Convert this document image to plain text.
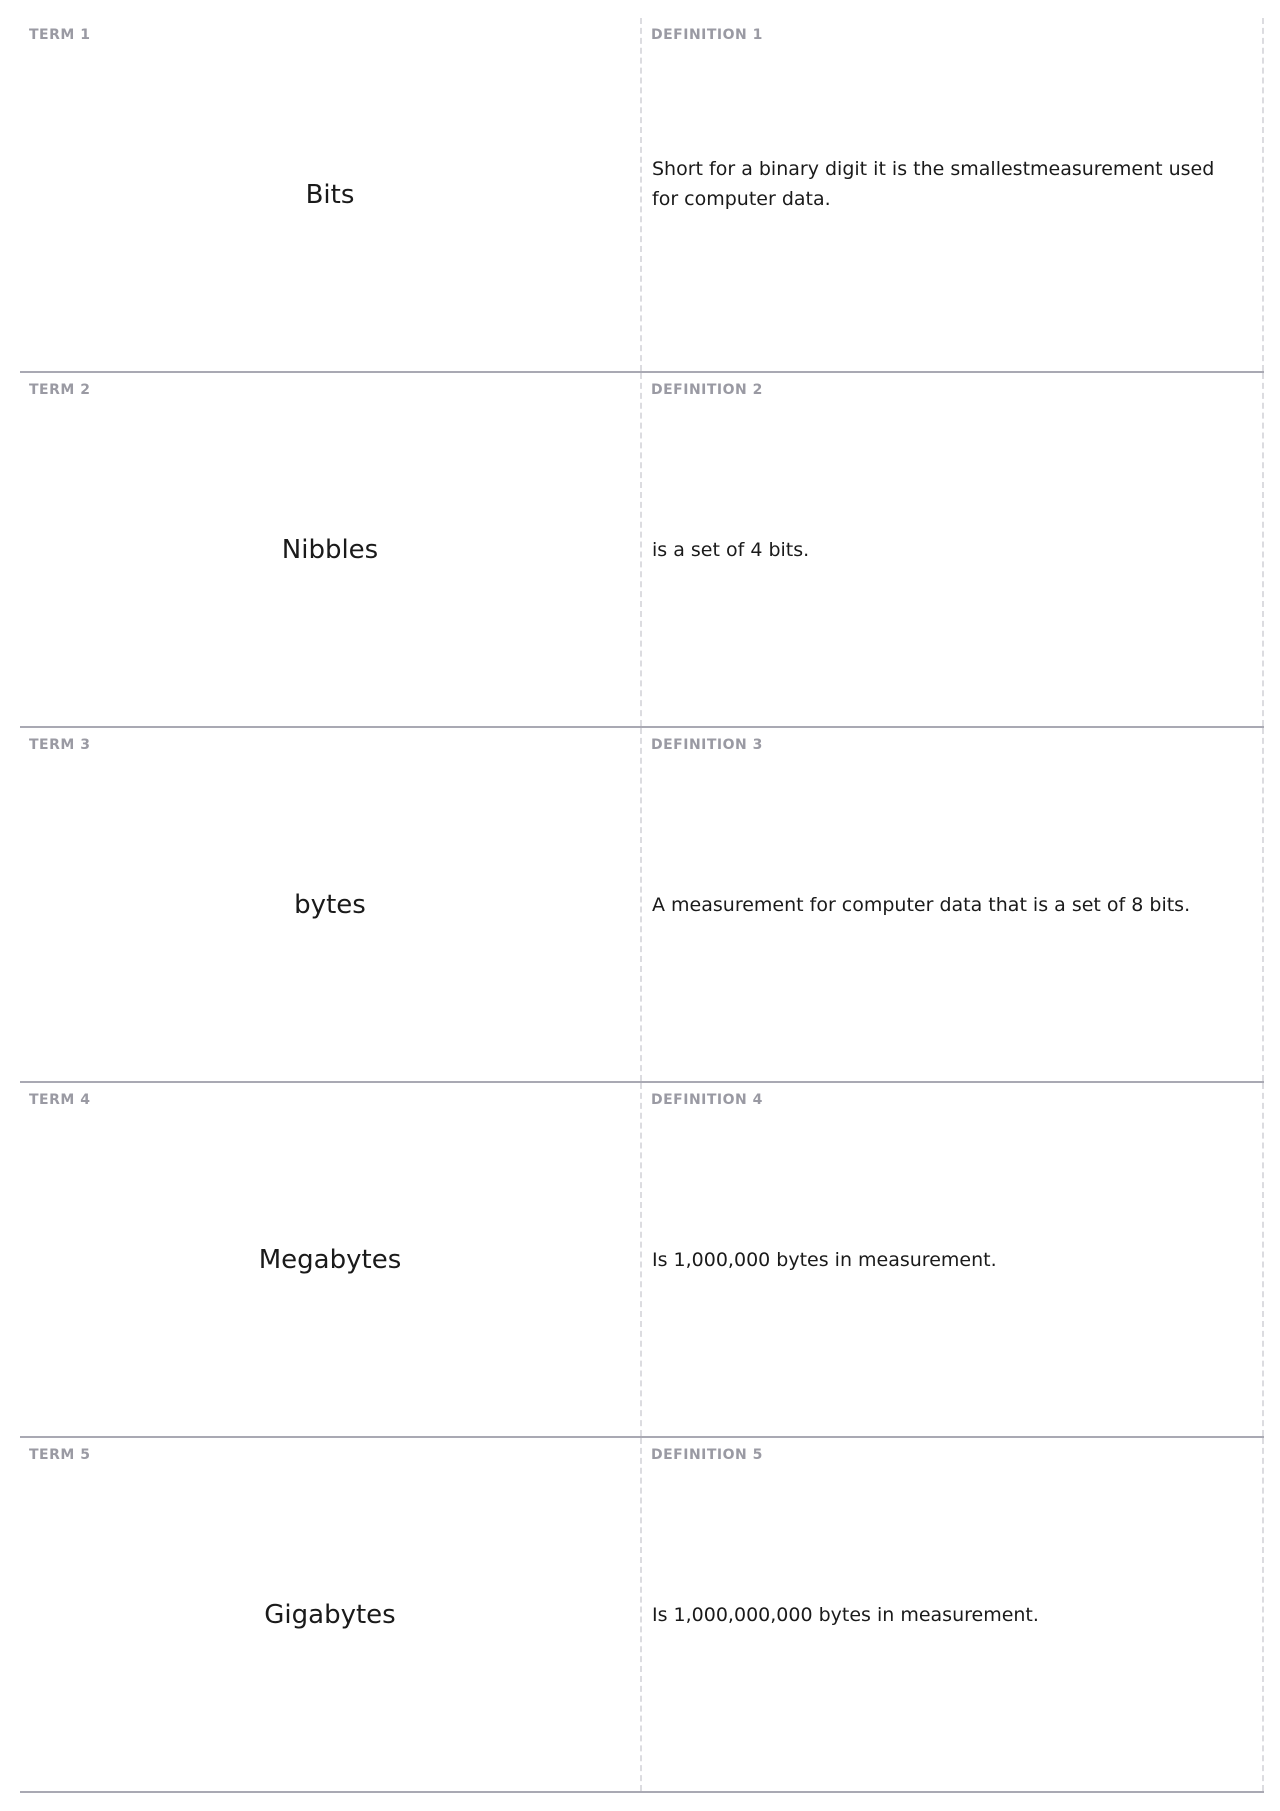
TERM 1
Bits
DEFINITION 1
Short for a binary digit it is the smallestmeasurement used for computer data.
TERM 2
Nibbles
DEFINITION 2
is a set of 4 bits.
TERM 3
bytes
DEFINITION 3
A measurement for computer data that is a set of 8 bits.
TERM 4
Megabytes
DEFINITION 4
Is 1,000,000 bytes in measurement.
TERM 5
Gigabytes
DEFINITION 5
Is 1,000,000,000 bytes in measurement.
